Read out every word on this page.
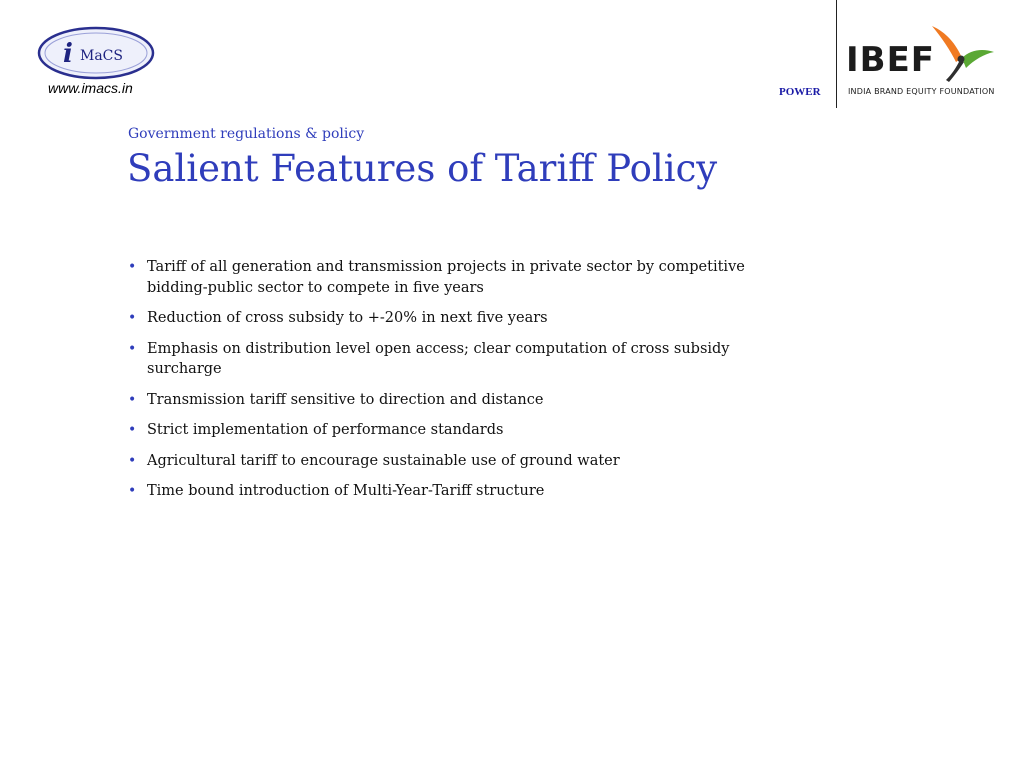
i MaCS
www.imacs.in	POWER
IBEF
INDIA BRAND EQUITY FOUNDATION
Government regulations & policy
Salient Features of Tariff Policy
• Tariff of all generation and transmission projects in private sector by competitive bidding-public sector to compete in five years
• Reduction of cross subsidy to +-20% in next five years
• Emphasis on distribution level open access; clear computation of cross subsidy surcharge
• Transmission tariff sensitive to direction and distance
• Strict implementation of performance standards
• Agricultural tariff to encourage sustainable use of ground water
• Time bound introduction of Multi-Year-Tariff structure
